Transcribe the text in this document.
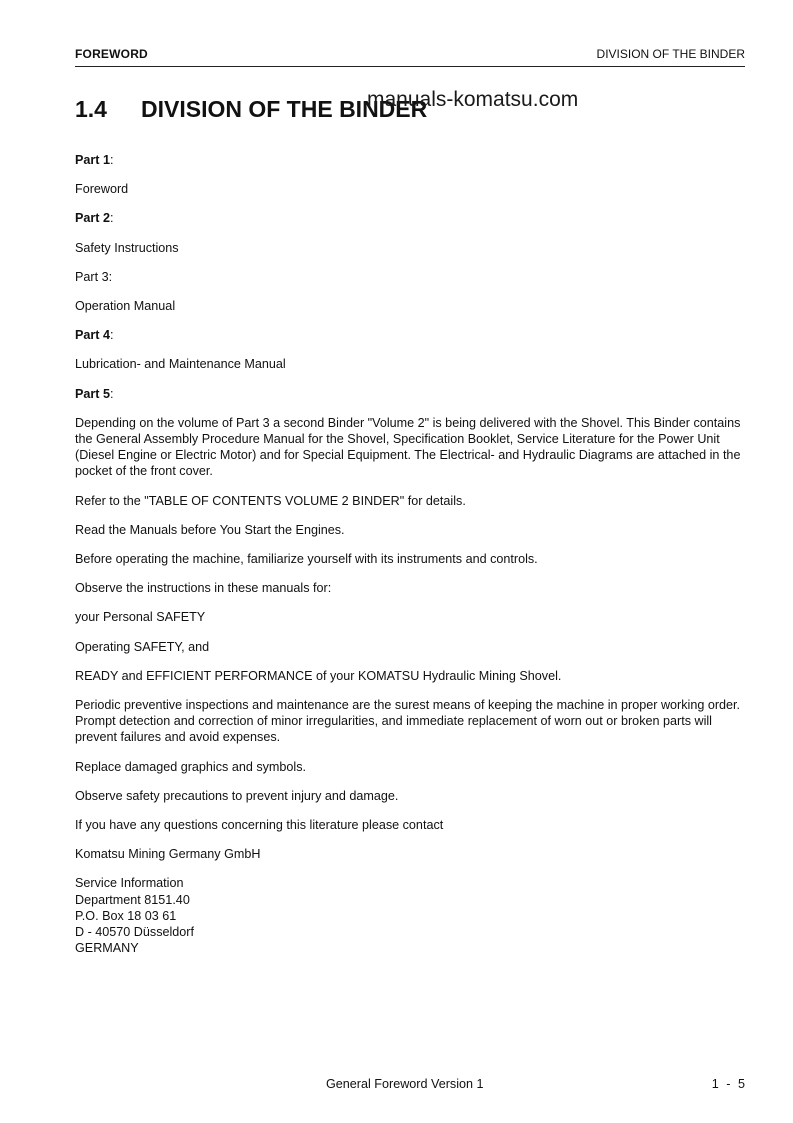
FOREWORD	DIVISION OF THE BINDER
1.4 DIVISION OF THE BINDER
manuals-komatsu.com

Part 1:

Foreword

Part 2:

Safety Instructions

Part 3:

Operation Manual

Part 4:

Lubrication- and Maintenance Manual

Part 5:

Depending on the volume of Part 3 a second Binder "Volume 2" is being delivered with the Shovel. This Binder contains the General Assembly Procedure Manual for the Shovel, Specification Booklet, Service Literature for the Power Unit (Diesel Engine or Electric Motor) and for Special Equipment. The Electrical- and Hydraulic Diagrams are attached in the pocket of the front cover.

Refer to the "TABLE OF CONTENTS VOLUME 2 BINDER" for details.

Read the Manuals before You Start the Engines.

Before operating the machine, familiarize yourself with its instruments and controls.

Observe the instructions in these manuals for:

your Personal SAFETY

Operating SAFETY, and

READY and EFFICIENT PERFORMANCE of your KOMATSU Hydraulic Mining Shovel.

Periodic preventive inspections and maintenance are the surest means of keeping the machine in proper working order. Prompt detection and correction of minor irregularities, and immediate replacement of worn out or broken parts will prevent failures and avoid expenses.

Replace damaged graphics and symbols.

Observe safety precautions to prevent injury and damage.

If you have any questions concerning this literature please contact

Komatsu Mining Germany GmbH

Service Information
Department 8151.40
P.O. Box 18 03 61
D - 40570 Düsseldorf
GERMANY
General Foreword Version 1	1 - 5
